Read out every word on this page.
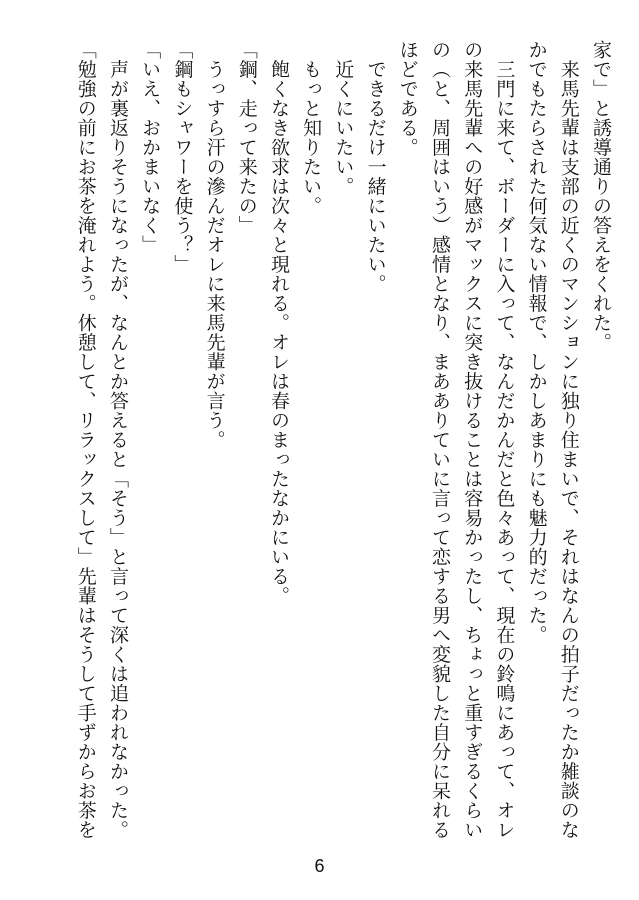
家で」と誘導通りの答えをくれた。
　来馬先輩は支部の近くのマンションに独り住まいで、それはなんの拍子だったか雑談のな
かでもたらされた何気ない情報で、しかしあまりにも魅力的だった。
　三門に来て、ボーダーに入って、なんだかんだと色々あって、現在の鈴鳴にあって、オレ
の来馬先輩への好感がマックスに突き抜けることは容易かったし、ちょっと重すぎるくらい
の（と、周囲はいう）感情となり、まあありていに言って恋する男へ変貌した自分に呆れる
ほどである。
　できるだけ一緒にいたい。
　近くにいたい。
　もっと知りたい。
　飽くなき欲求は次々と現れる。オレは春のまったなかにいる。
「鋼、走って来たの」
　うっすら汗の滲んだオレに来馬先輩が言う。
「鋼もシャワーを使う？」
「いえ、おかまいなく」
　声が裏返りそうになったが、なんとか答えると「そう」と言って深くは追われなかった。
「勉強の前にお茶を淹れよう。休憩して、リラックスして」先輩はそうして手ずからお茶を
6
